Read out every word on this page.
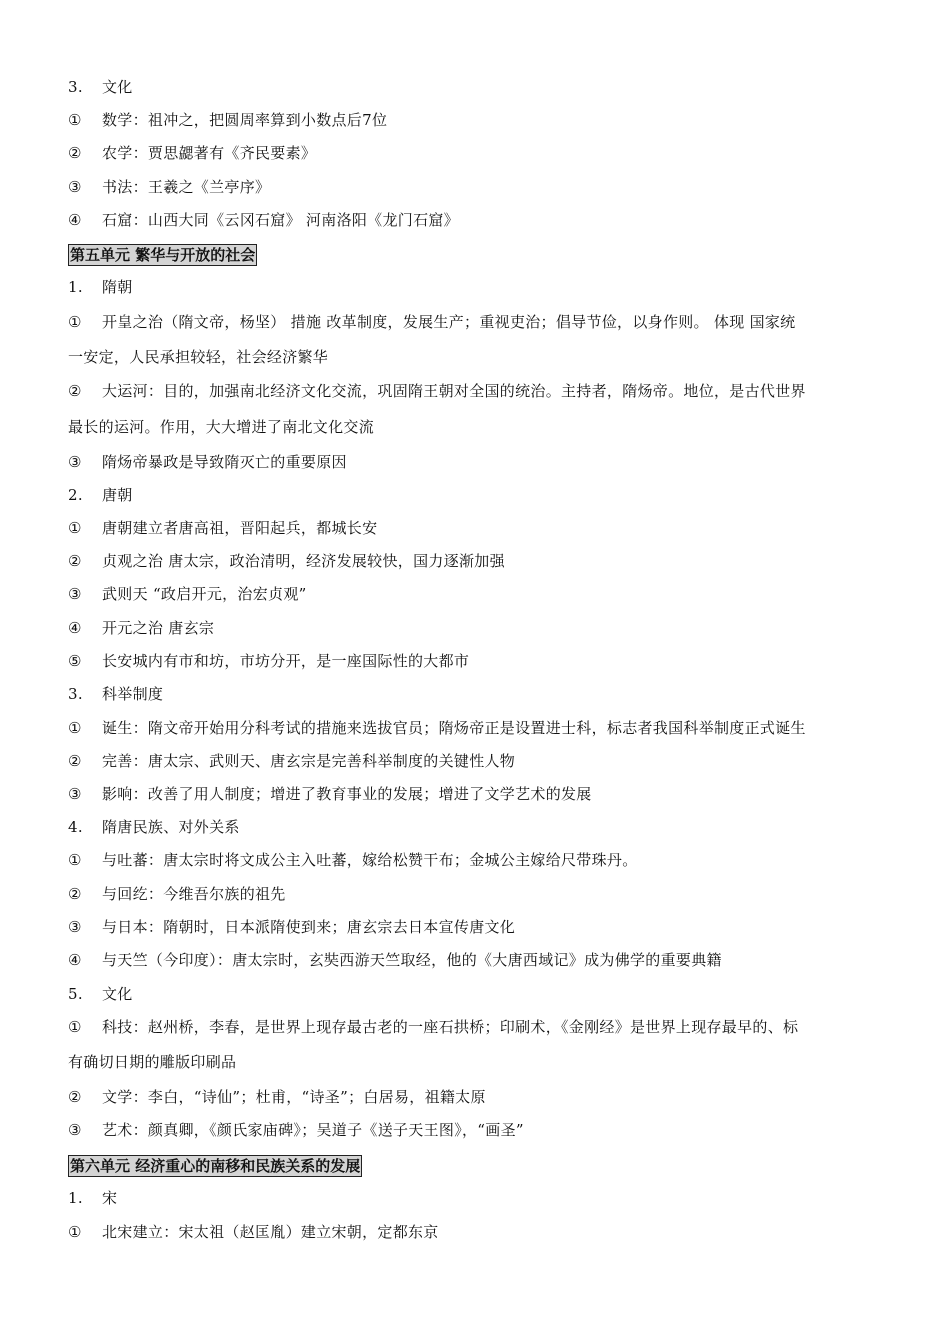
3. 文化
① 数学：祖冲之，把圆周率算到小数点后7位
② 农学：贾思勰著有《齐民要素》
③ 书法：王羲之《兰亭序》
④ 石窟：山西大同《云冈石窟》 河南洛阳《龙门石窟》
第五单元 繁华与开放的社会
1. 隋朝
① 开皇之治（隋文帝，杨坚） 措施 改革制度，发展生产；重视吏治；倡导节俭，以身作则。 体现 国家统
一安定，人民承担较轻，社会经济繁华
② 大运河：目的，加强南北经济文化交流，巩固隋王朝对全国的统治。主持者，隋炀帝。地位，是古代世界
最长的运河。作用，大大增进了南北文化交流
③ 隋炀帝暴政是导致隋灭亡的重要原因
2. 唐朝
① 唐朝建立者唐高祖，晋阳起兵，都城长安
② 贞观之治 唐太宗，政治清明，经济发展较快，国力逐渐加强
③ 武则天 “政启开元，治宏贞观”
④ 开元之治 唐玄宗
⑤ 长安城内有市和坊，市坊分开，是一座国际性的大都市
3. 科举制度
① 诞生：隋文帝开始用分科考试的措施来选拔官员；隋炀帝正是设置进士科，标志者我国科举制度正式诞生
② 完善：唐太宗、武则天、唐玄宗是完善科举制度的关键性人物
③ 影响：改善了用人制度；增进了教育事业的发展；增进了文学艺术的发展
4. 隋唐民族、对外关系
① 与吐蕃：唐太宗时将文成公主入吐蕃，嫁给松赞干布；金城公主嫁给尺带珠丹。
② 与回纥：今维吾尔族的祖先
③ 与日本：隋朝时，日本派隋使到来；唐玄宗去日本宣传唐文化
④ 与天竺（今印度）：唐太宗时，玄奘西游天竺取经，他的《大唐西域记》成为佛学的重要典籍
5. 文化
① 科技：赵州桥，李春，是世界上现存最古老的一座石拱桥；印刷术，《金刚经》是世界上现存最早的、标
有确切日期的雕版印刷品
② 文学：李白，“诗仙”；杜甫，“诗圣”；白居易，祖籍太原
③ 艺术：颜真卿，《颜氏家庙碑》；吴道子《送子天王图》，“画圣”
第六单元 经济重心的南移和民族关系的发展
1. 宋
① 北宋建立：宋太祖（赵匡胤）建立宋朝，定都东京
